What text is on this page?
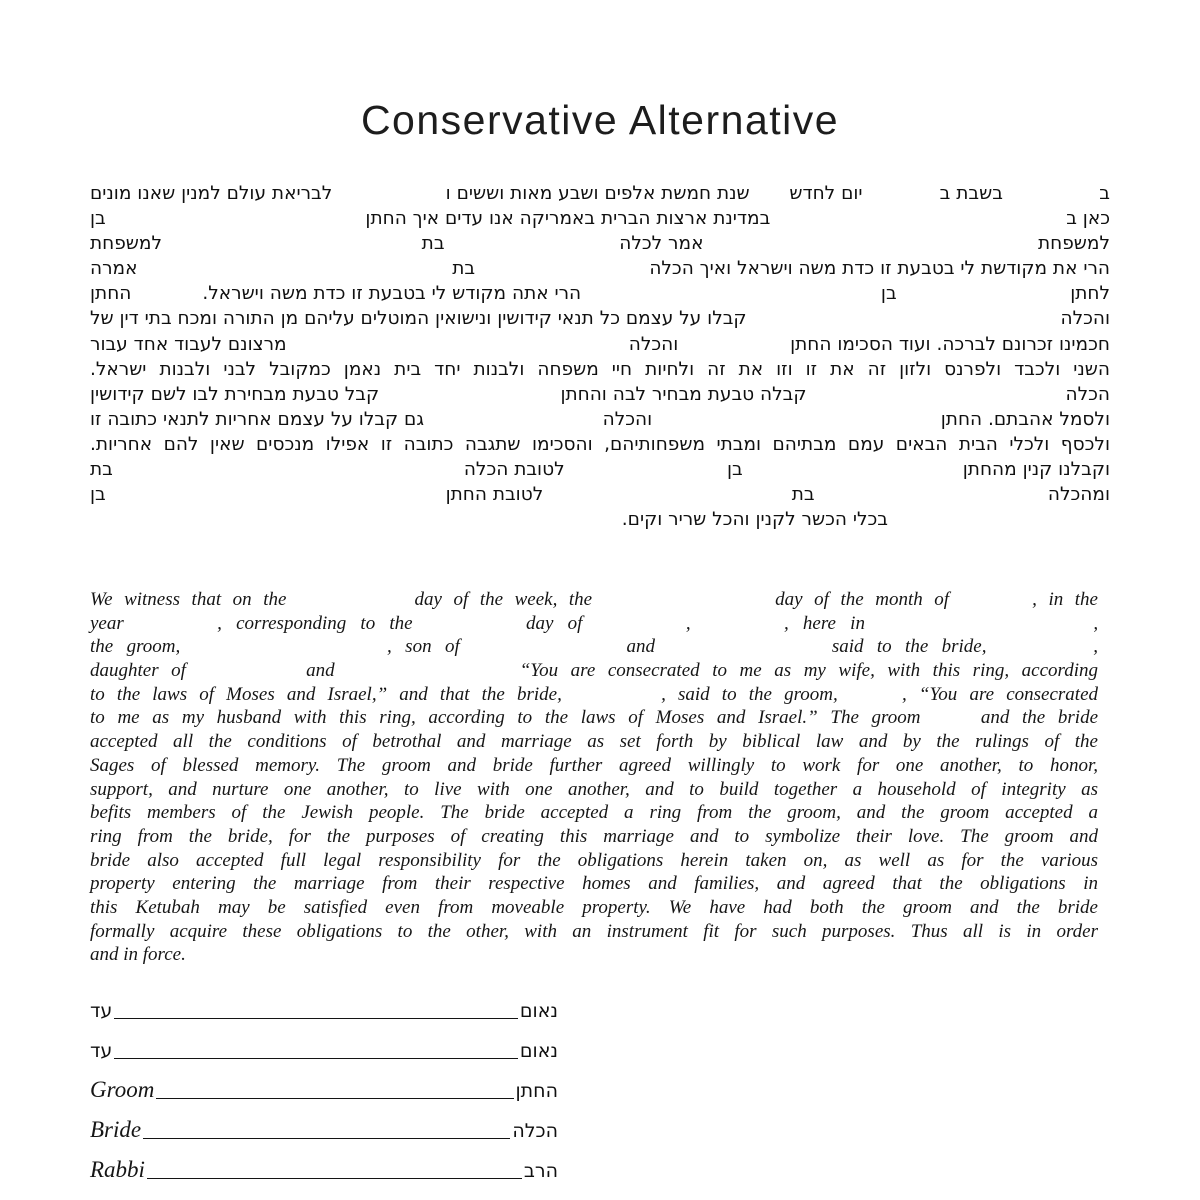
Conservative Alternative
ב
בשבת ב
יום לחדש
שנת חמשת אלפים ושבע מאות וששים ו
לבריאת עולם למנין שאנו מונים
כאן ב
במדינת ארצות הברית באמריקה אנו עדים איך החתן
בן
למשפחת
אמר לכלה
בת
למשפחת
הרי את מקודשת לי בטבעת זו כדת משה וישראל ואיך הכלה
בת
אמרה
לחתן
בן
הרי אתה מקודש לי בטבעת זו כדת משה וישראל.
החתן
והכלה
קבלו על עצמם כל תנאי קידושין ונישואין המוטלים עליהם מן התורה ומכח בתי דין של
חכמינו זכרונם לברכה. ועוד הסכימו החתן
והכלה
מרצונם לעבוד אחד עבור
השני ולכבד ולפרנס ולזון זה את זו וזו את זה ולחיות חיי משפחה ולבנות יחד בית נאמן כמקובל לבני ולבנות ישראל.
הכלה
קבלה טבעת מבחיר לבה והחתן
קבל טבעת מבחירת לבו לשם קידושין
ולסמל אהבתם. החתן
והכלה
גם קבלו על עצמם אחריות לתנאי כתובה זו
ולכסף ולכלי הבית הבאים עמם מבתיהם ומבתי משפחותיהם, והסכימו שתגבה כתובה זו אפילו מנכסים שאין להם אחריות.
וקבלנו קנין מהחתן
בן
לטובת הכלה
בת
ומהכלה
בת
לטובת החתן
בן
בכלי הכשר לקנין והכל שריר וקים.
We witness that on the	day of the week, the	day of the month of	, in the
year	, corresponding to the	day of	,	, here in	,
the groom,	, son of	and	said to the bride,	,
daughter of	and	“You are consecrated to me as my wife, with this ring, according
to the laws of Moses and Israel,” and that the bride,	, said to the groom,	, “You are consecrated
to me as my husband with this ring, according to the laws of Moses and Israel.” The groom	and the bride
accepted all the conditions of betrothal and marriage as set forth by biblical law and by the rulings of the
Sages of blessed memory. The groom and bride further agreed willingly to work for one another, to honor,
support, and nurture one another, to live with one another, and to build together a household of integrity as
befits members of the Jewish people. The bride accepted a ring from the groom, and the groom accepted a
ring from the bride, for the purposes of creating this marriage and to symbolize their love. The groom and
bride also accepted full legal responsibility for the obligations herein taken on, as well as for the various
property entering the marriage from their respective homes and families, and agreed that the obligations in
this Ketubah may be satisfied even from moveable property. We have had both the groom and the bride
formally acquire these obligations to the other, with an instrument fit for such purposes. Thus all is in order
and in force.
עד	נאום
עד	נאום
Groom	החתן
Bride	הכלה
Rabbi	הרב
